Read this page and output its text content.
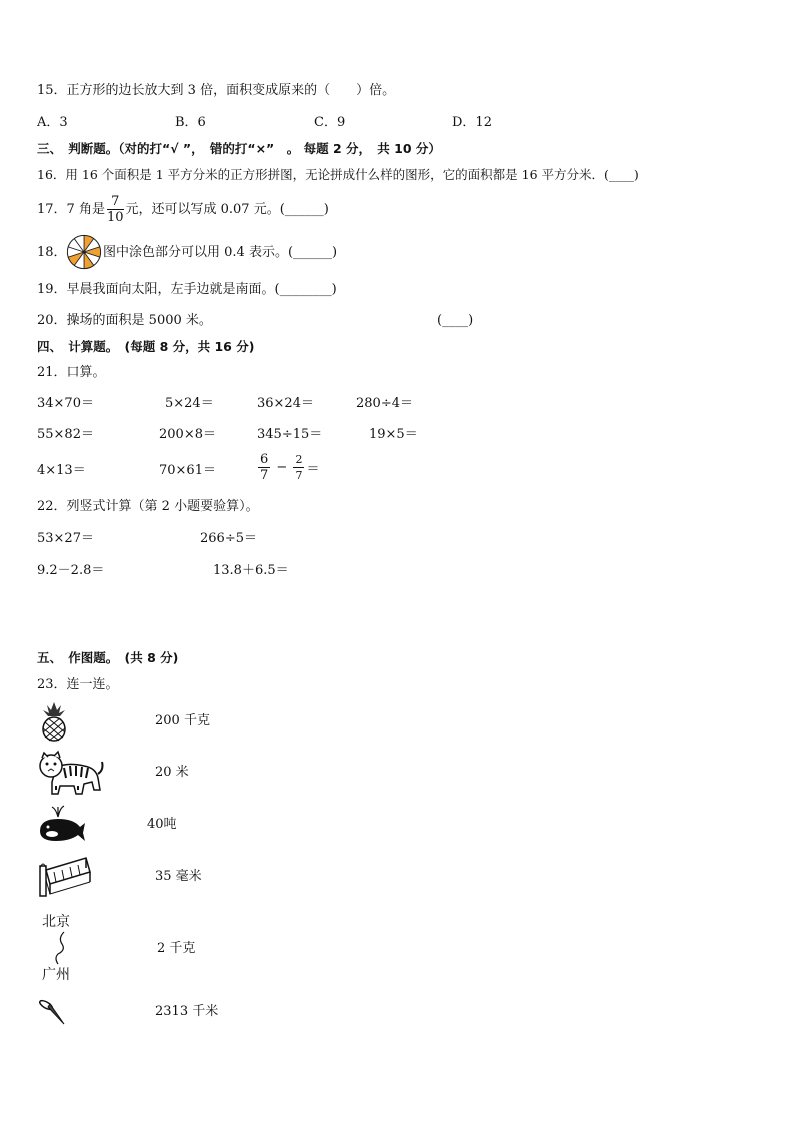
15．正方形的边长放大到 3 倍，面积变成原来的（　　）倍。
A．3	B．6	C．9	D．12
三、　判断题。（对的打“√ ”，　错的打“×”　。 每题 2 分，　共 10 分）
16．用 16 个面积是 1 平方分米的正方形拼图，无论拼成什么样的图形，它的面积都是 16 平方分米．(____)
17．7 角是 $\frac{7}{10}$ 元，还可以写成 0.07 元。(______)
18．	图中涂色部分可以用 0.4 表示。(______)
19．早晨我面向太阳，左手边就是南面。(________)
20．操场的面积是 5000 米。	(____)
四、　计算题。　(每题 8 分，共 16 分)
21．口算。
34×70＝	5×24＝	36×24＝	280÷4＝
55×82＝	200×8＝	345÷15＝	19×5＝
4×13＝	70×61＝	$\frac{6}{7} - \frac{2}{7}$ ＝
22．列竖式计算（第 2 小题要验算）。
53×27＝	266÷5＝
9.2－2.8＝	13.8＋6.5＝
五、　作图题。　(共 8 分)
23．连一连。
200 千克
20 米
40吨
35 毫米
北京
广州
2 千克
2313 千米
